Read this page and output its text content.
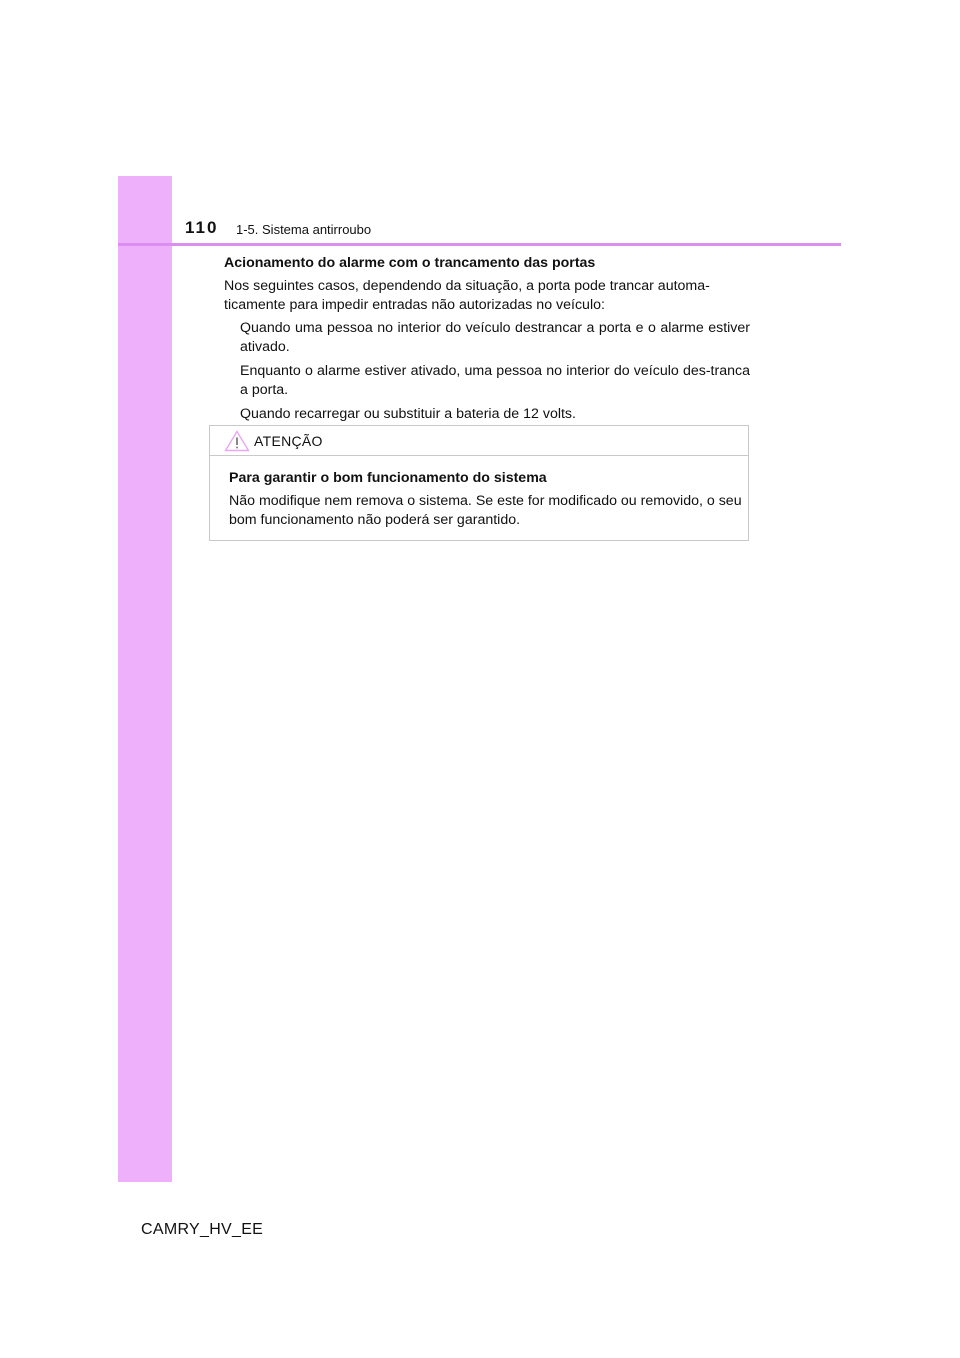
110 1-5. Sistema antirroubo

Acionamento do alarme com o trancamento das portas

Nos seguintes casos, dependendo da situação, a porta pode trancar automa-ticamente para impedir entradas não autorizadas no veículo:

Quando uma pessoa no interior do veículo destrancar a porta e o alarme estiver ativado.
Enquanto o alarme estiver ativado, uma pessoa no interior do veículo des-tranca a porta.
Quando recarregar ou substituir a bateria de 12 volts.
ATENÇÃO

Para garantir o bom funcionamento do sistema

Não modifique nem remova o sistema. Se este for modificado ou removido, o seu bom funcionamento não poderá ser garantido.

CAMRY_HV_EE
